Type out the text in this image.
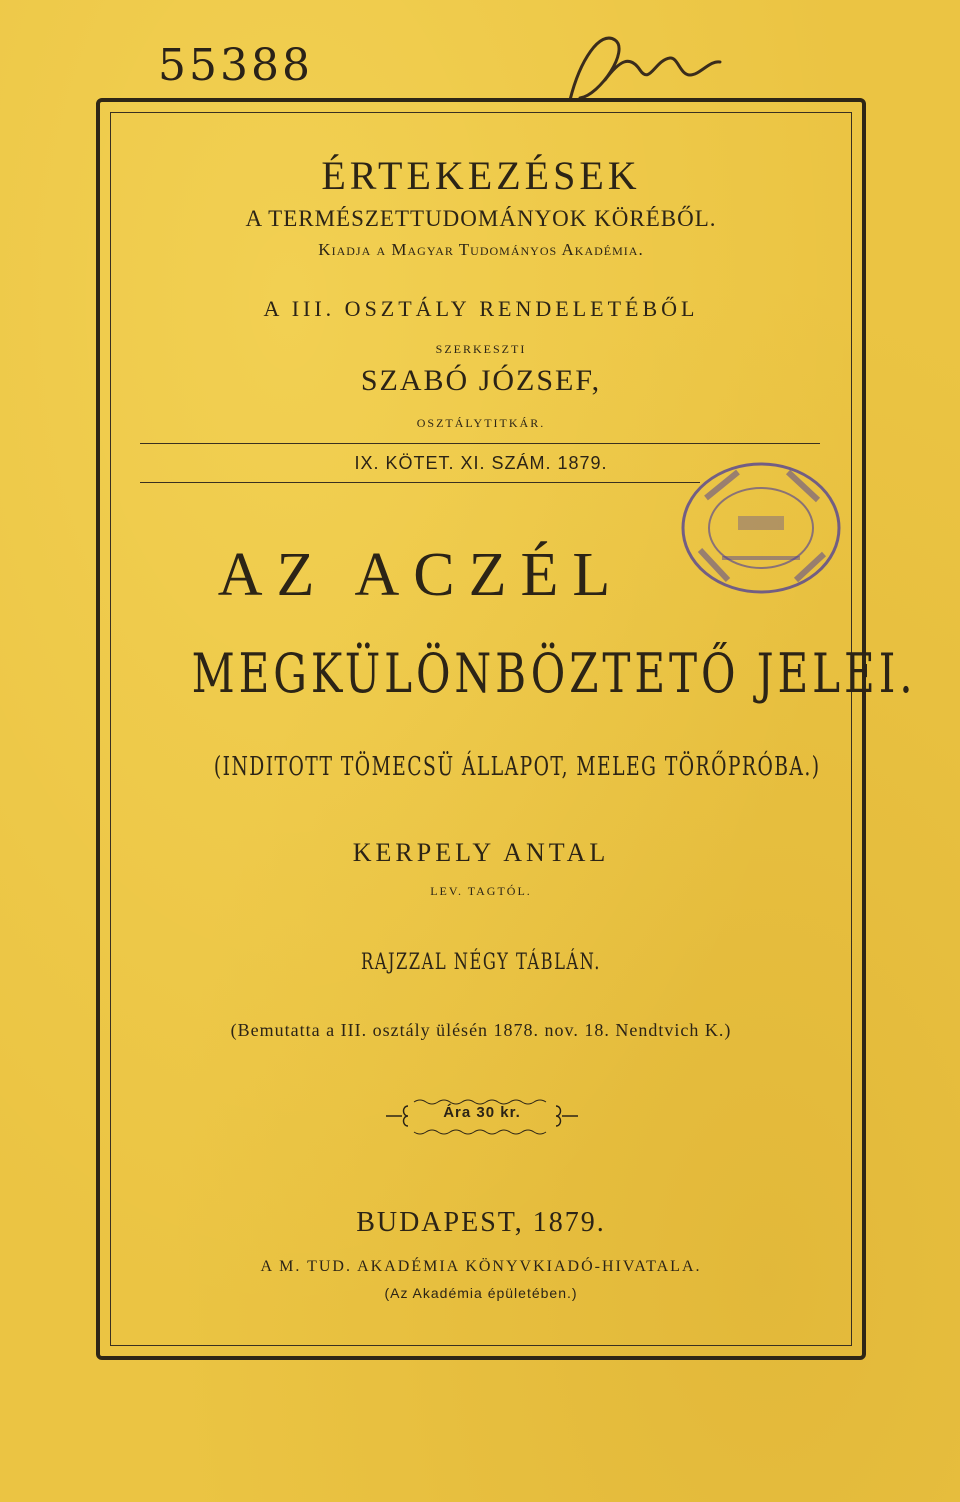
55388
ÉRTEKEZÉSEK
A TERMÉSZETTUDOMÁNYOK KÖRÉBŐL.
Kiadja a Magyar Tudományos Akadémia.
A III. OSZTÁLY RENDELETÉBŐL
SZERKESZTI
SZABÓ JÓZSEF,
OSZTÁLYTITKÁR.
IX. KÖTET. XI. SZÁM. 1879.
AZ ACZÉL
MEGKÜLÖNBÖZTETŐ JELEI.
(INDITOTT TÖMECSÜ ÁLLAPOT, MELEG TÖRŐPRÓBA.)
KERPELY ANTAL
LEV. TAGTÓL.
RAJZZAL NÉGY TÁBLÁN.
(Bemutatta a III. osztály ülésén 1878. nov. 18. Nendtvich K.)
Ára 30 kr.
BUDAPEST, 1879.
A M. TUD. AKADÉMIA KÖNYVKIADÓ-HIVATALA.
(Az Akadémia épületében.)
